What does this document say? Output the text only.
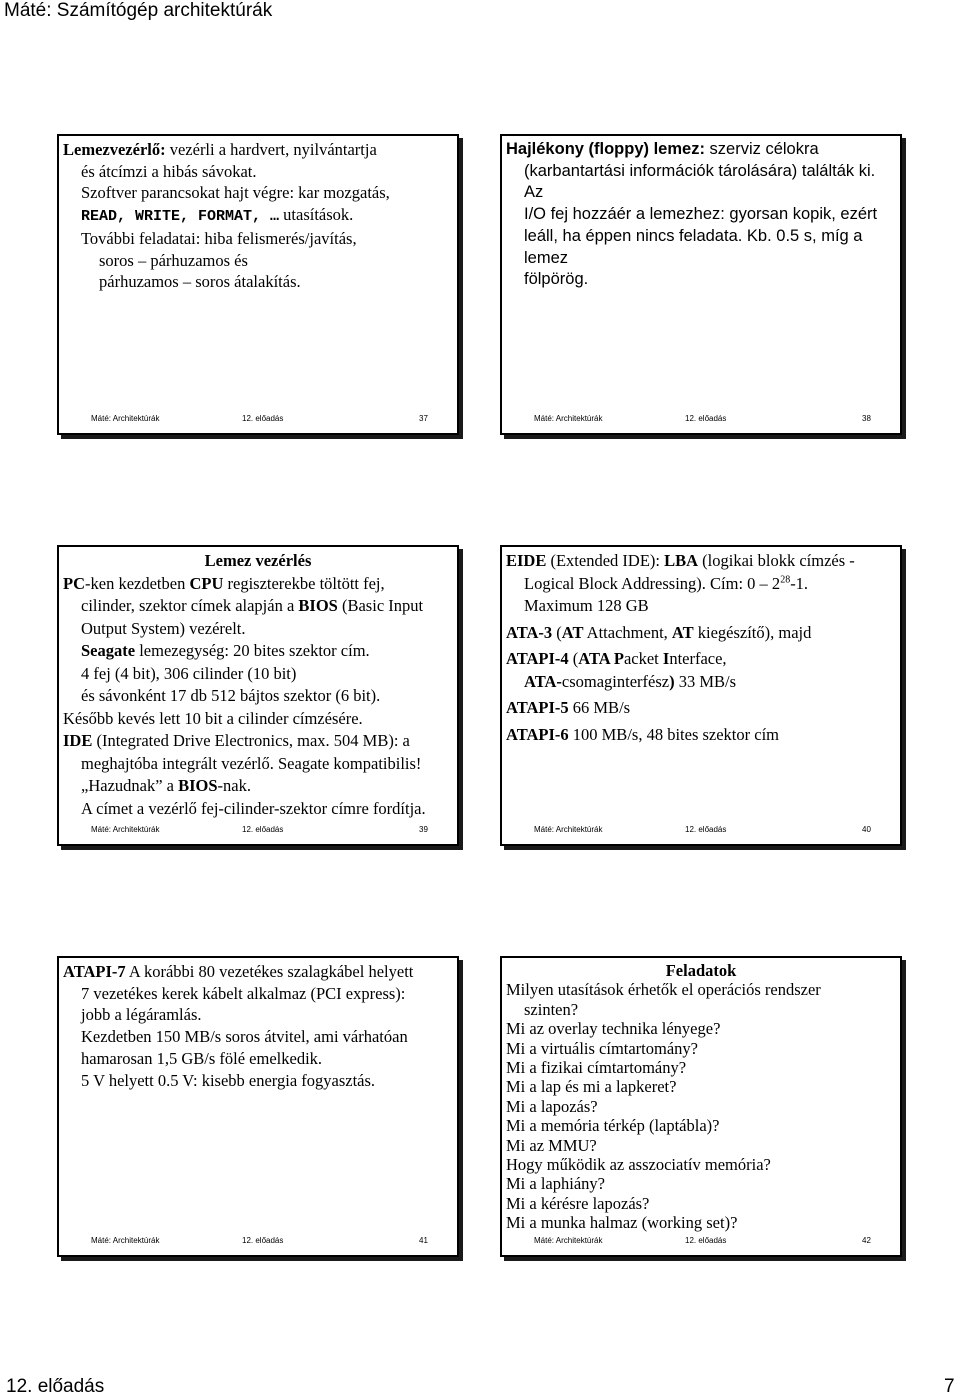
Máté: Számítógép architektúrák

Lemezvezérlő: vezérli a hardvert, nyilvántartja

és átcímzi a hibás sávokat.

Szoftver parancsokat hajt végre: kar mozgatás,

READ, WRITE, FORMAT, … utasítások.

További feladatai: hiba felismerés/javítás,

soros – párhuzamos és

párhuzamos – soros átalakítás.

Máté: Architektúrák	12. előadás	37

Hajlékony (floppy) lemez: szerviz célokra

(karbantartási információk tárolására) találták ki. Az

I/O fej hozzáér a lemezhez: gyorsan kopik, ezért

leáll, ha éppen nincs feladata. Kb. 0.5 s, míg a lemez

fölpörög.

Máté: Architektúrák	12. előadás	38

Lemez vezérlés

PC-ken kezdetben CPU regiszterekbe töltött fej,

cilinder, szektor címek alapján a BIOS (Basic Input

Output System) vezérelt.

Seagate lemezegység: 20 bites szektor cím.

4 fej (4 bit), 306 cilinder (10 bit)

és sávonként 17 db 512 bájtos szektor (6 bit).

Később kevés lett 10 bit a cilinder címzésére.

IDE (Integrated Drive Electronics, max. 504 MB): a

meghajtóba integrált vezérlő. Seagate kompatibilis!

„Hazudnak” a BIOS-nak.

A címet a vezérlő fej-cilinder-szektor címre fordítja.

Máté: Architektúrák	12. előadás	39

EIDE (Extended IDE): LBA (logikai blokk címzés -

Logical Block Addressing). Cím: $0 - 2^{28}-1$.

Maximum 128 GB

ATA-3 (AT Attachment, AT kiegészítő), majd

ATAPI-4 (ATA Packet Interface,

ATA-csomaginterfész) 33 MB/s

ATAPI-5 66 MB/s

ATAPI-6 100 MB/s, 48 bites szektor cím

Máté: Architektúrák	12. előadás	40

ATAPI-7 A korábbi 80 vezetékes szalagkábel helyett

7 vezetékes kerek kábelt alkalmaz (PCI express):

jobb a légáramlás.

Kezdetben 150 MB/s soros átvitel, ami várhatóan

hamarosan 1,5 GB/s fölé emelkedik.

5 V helyett 0.5 V: kisebb energia fogyasztás.

Máté: Architektúrák	12. előadás	41

Feladatok

Milyen utasítások érhetők el operációs rendszer

szinten?

Mi az overlay technika lényege?

Mi a virtuális címtartomány?

Mi a fizikai címtartomány?

Mi a lap és mi a lapkeret?

Mi a lapozás?

Mi a memória térkép (laptábla)?

Mi az MMU?

Hogy működik az asszociatív memória?

Mi a laphiány?

Mi a kérésre lapozás?

Mi a munka halmaz (working set)?

Máté: Architektúrák	12. előadás	42
12. előadás	7
